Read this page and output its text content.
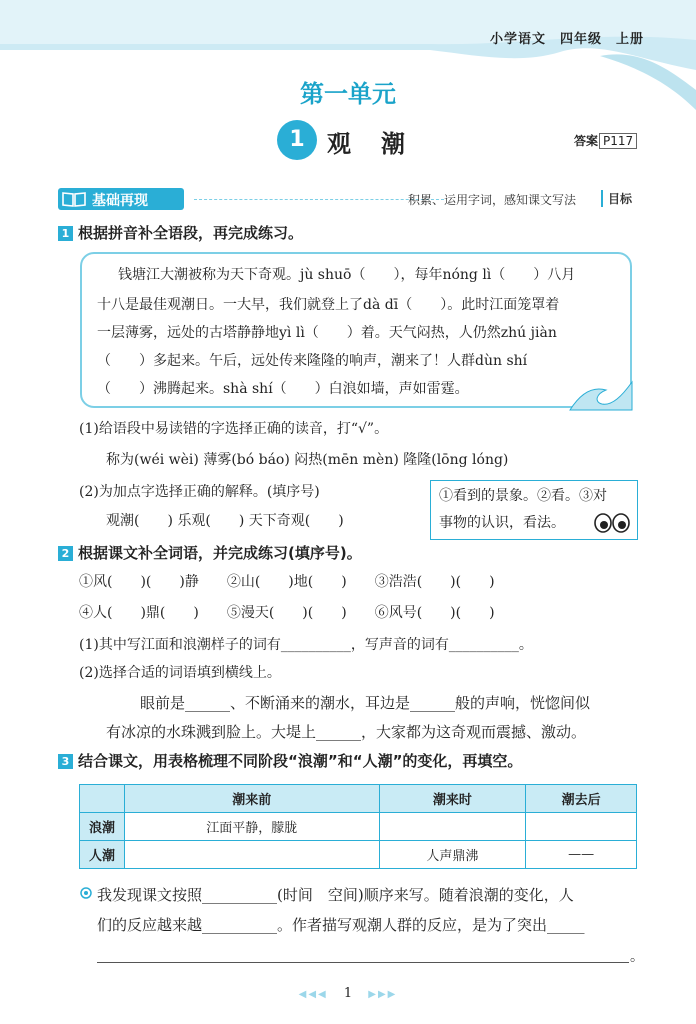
小学语文 四年级 上册
第一单元
1 观潮	答案 P117
基础再现	积累、运用字词，感知课文写法	目标
1 根据拼音补全语段，再完成练习。
钱塘江大潮被称为天下奇观。jù shuō（　　），每年nóng lì（　　）八月
十八是最佳观潮日。一大早，我们就登上了dà dī（　　）。此时江面笼罩着
一层薄雾，远处的古塔静静地yì lì（　　）着。天气闷热，人仍然zhú jiàn
（　　）多起来。午后，远处传来隆隆的响声，潮来了！人群dùn shí
（　　）沸腾起来。shà shí（　　）白浪如墙，声如雷霆。
(1)给语段中易读错的字选择正确的读音，打“√”。
称为(wéi wèi) 薄雾(bó báo) 闷热(mēn mèn) 隆隆(lōng lóng)
(2)为加点字选择正确的解释。(填序号)
观潮(　　) 乐观(　　) 天下奇观(　　)
①看到的景象。②看。③对
事物的认识，看法。
2 根据课文补全词语，并完成练习(填序号)。
①风(　　)(　　)静　　②山(　　)地(　　)　　③浩浩(　　)(　　)
④人(　　)鼎(　　)　　⑤漫天(　　)(　　)　　⑥风号(　　)(　　)
(1)其中写江面和浪潮样子的词有__________，写声音的词有__________。
(2)选择合适的词语填到横线上。
眼前是______、不断涌来的潮水，耳边是______般的声响，恍惚间似
有冰凉的水珠溅到脸上。大堤上______，大家都为这奇观而震撼、激动。
3 结合课文，用表格梳理不同阶段“浪潮”和“人潮”的变化，再填空。
	潮来前	潮来时	潮去后
浪潮	江面平静，朦胧		
人潮		人声鼎沸	——
我发现课文按照__________(时间　空间)顺序来写。随着浪潮的变化，人
们的反应越来越__________。作者描写观潮人群的反应，是为了突出_____
。
◀◀◀ 1 ▶▶▶
